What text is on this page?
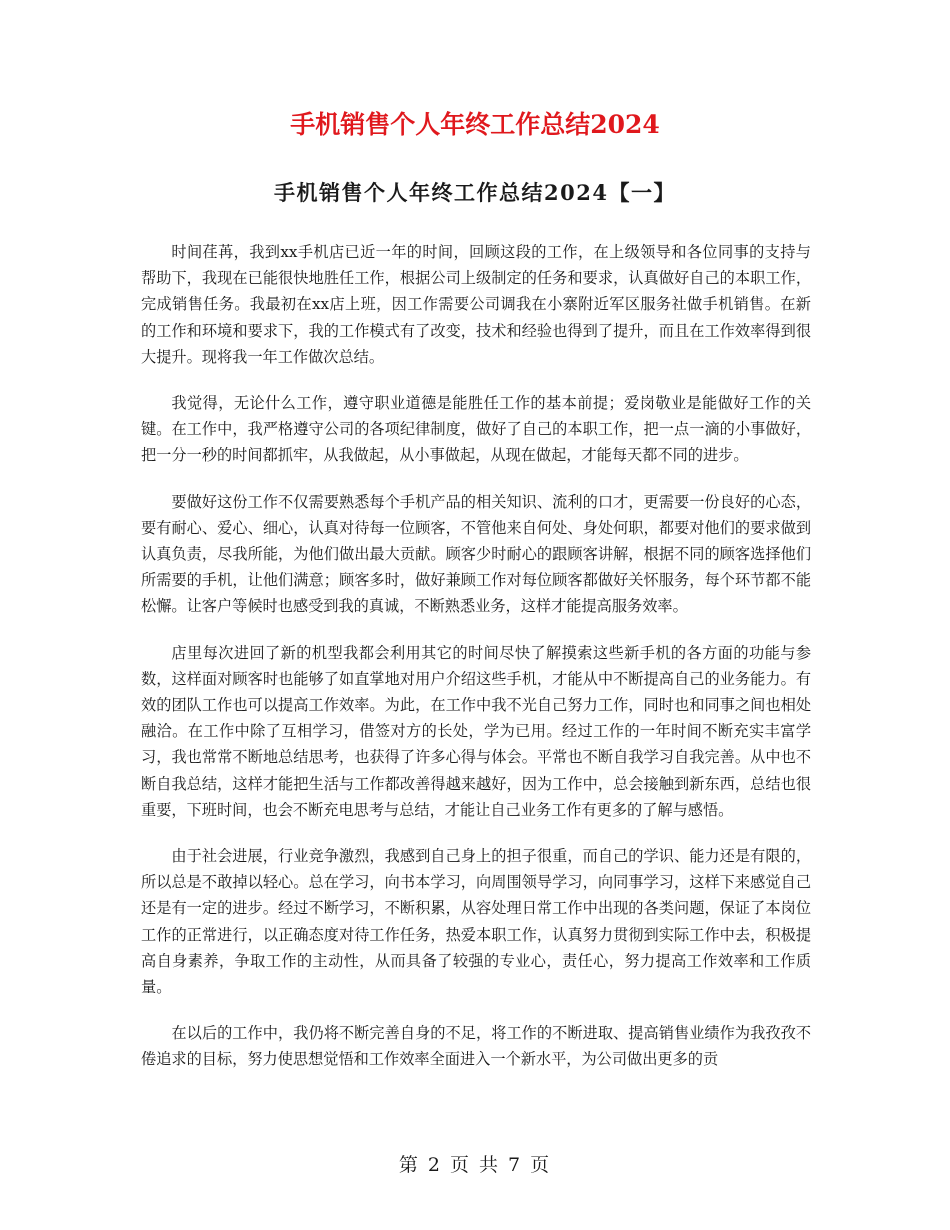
手机销售个人年终工作总结2024
手机销售个人年终工作总结2024【一】

时间荏苒，我到xx手机店已近一年的时间，回顾这段的工作，在上级领导和各位同事的支持与帮助下，我现在已能很快地胜任工作，根据公司上级制定的任务和要求，认真做好自己的本职工作，完成销售任务。我最初在xx店上班，因工作需要公司调我在小寨附近军区服务社做手机销售。在新的工作和环境和要求下，我的工作模式有了改变，技术和经验也得到了提升，而且在工作效率得到很大提升。现将我一年工作做次总结。

我觉得，无论什么工作，遵守职业道德是能胜任工作的基本前提；爱岗敬业是能做好工作的关键。在工作中，我严格遵守公司的各项纪律制度，做好了自己的本职工作，把一点一滴的小事做好，把一分一秒的时间都抓牢，从我做起，从小事做起，从现在做起，才能每天都不同的进步。

要做好这份工作不仅需要熟悉每个手机产品的相关知识、流利的口才，更需要一份良好的心态，要有耐心、爱心、细心，认真对待每一位顾客，不管他来自何处、身处何职，都要对他们的要求做到认真负责，尽我所能，为他们做出最大贡献。顾客少时耐心的跟顾客讲解，根据不同的顾客选择他们所需要的手机，让他们满意；顾客多时，做好兼顾工作对每位顾客都做好关怀服务，每个环节都不能松懈。让客户等候时也感受到我的真诚，不断熟悉业务，这样才能提高服务效率。

店里每次进回了新的机型我都会利用其它的时间尽快了解摸索这些新手机的各方面的功能与参数，这样面对顾客时也能够了如直掌地对用户介绍这些手机，才能从中不断提高自己的业务能力。有效的团队工作也可以提高工作效率。为此，在工作中我不光自己努力工作，同时也和同事之间也相处融洽。在工作中除了互相学习，借签对方的长处，学为已用。经过工作的一年时间不断充实丰富学习，我也常常不断地总结思考，也获得了许多心得与体会。平常也不断自我学习自我完善。从中也不断自我总结，这样才能把生活与工作都改善得越来越好，因为工作中，总会接触到新东西，总结也很重要，下班时间，也会不断充电思考与总结，才能让自己业务工作有更多的了解与感悟。

由于社会进展，行业竞争激烈，我感到自己身上的担子很重，而自己的学识、能力还是有限的，所以总是不敢掉以轻心。总在学习，向书本学习，向周围领导学习，向同事学习，这样下来感觉自己还是有一定的进步。经过不断学习，不断积累，从容处理日常工作中出现的各类问题，保证了本岗位工作的正常进行，以正确态度对待工作任务，热爱本职工作，认真努力贯彻到实际工作中去，积极提高自身素养，争取工作的主动性，从而具备了较强的专业心，责任心，努力提高工作效率和工作质量。

在以后的工作中，我仍将不断完善自身的不足，将工作的不断进取、提高销售业绩作为我孜孜不倦追求的目标，努力使思想觉悟和工作效率全面进入一个新水平，为公司做出更多的贡

第 2 页 共 7 页
